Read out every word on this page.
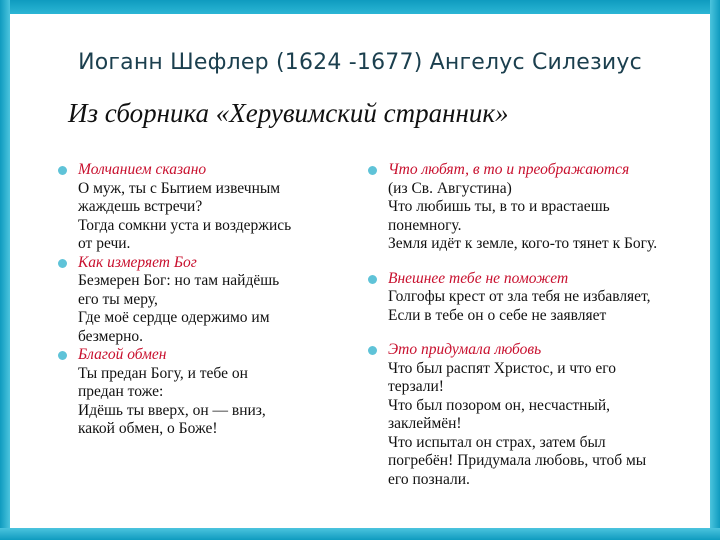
Иоганн Шефлер (1624 -1677) Ангелус Силезиус
Из сборника «Херувимский странник»
Молчанием сказано
О муж, ты с Бытием извечным
жаждешь встречи?
Тогда сомкни уста и воздержись
от речи.
Как измеряет Бог
Безмерен Бог: но там найдёшь
его ты меру,
Где моё сердце одержимо им
безмерно.
Благой обмен
Ты предан Богу, и тебе он
предан тоже:
Идёшь ты вверх, он — вниз,
какой обмен, о Боже!
Что любят, в то и преображаются
(из Св. Августина)
Что любишь ты, в то и врастаешь
понемногу.
Земля идёт к земле, кого-то тянет к Богу.
Внешнее тебе не поможет
Голгофы крест от зла тебя не избавляет,
Если в тебе он о себе не заявляет
Это придумала любовь
Что был распят Христос, и что его
терзали!
Что был позором он, несчастный,
заклеймён!
Что испытал он страх, затем был
погребён! Придумала любовь, чтоб мы
его познали.
